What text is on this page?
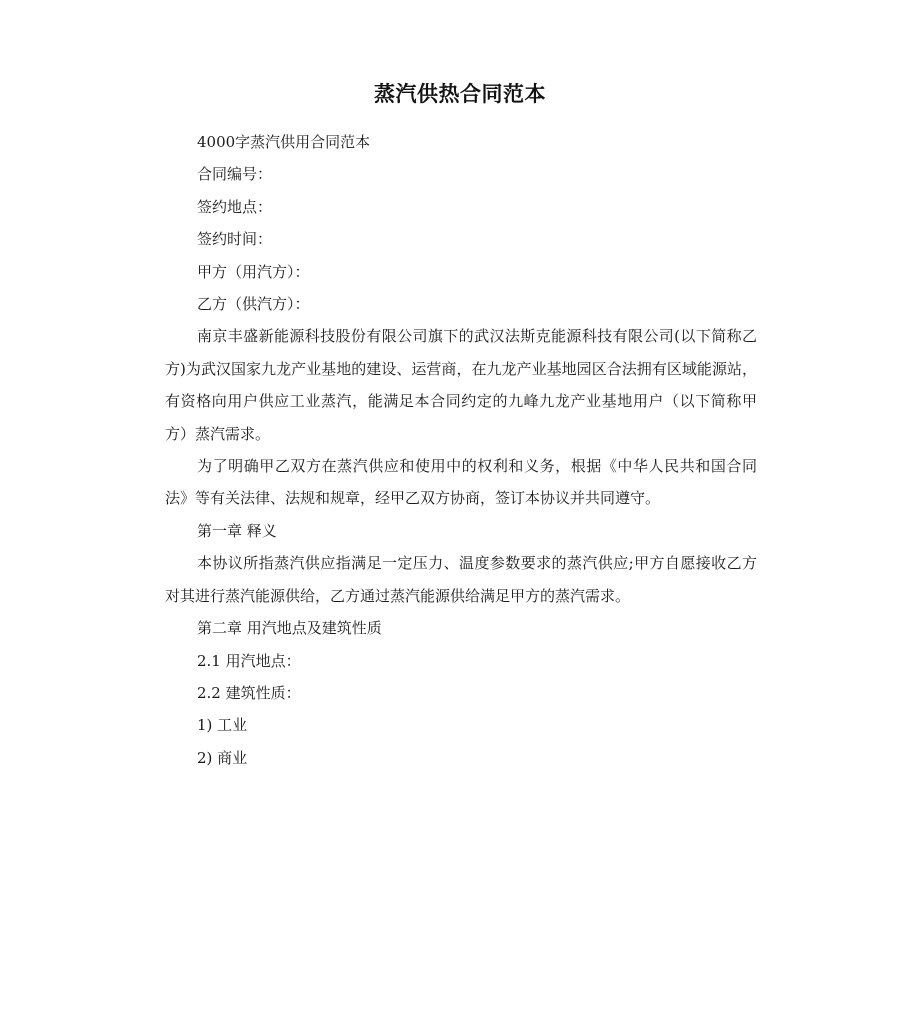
蒸汽供热合同范本

4000字蒸汽供用合同范本

合同编号：

签约地点：

签约时间：

甲方（用汽方）：

乙方（供汽方）：

南京丰盛新能源科技股份有限公司旗下的武汉法斯克能源科技有限公司(以下简称乙方)为武汉国家九龙产业基地的建设、运营商，在九龙产业基地园区合法拥有区域能源站，有资格向用户供应工业蒸汽，能满足本合同约定的九峰九龙产业基地用户（以下简称甲方）蒸汽需求。

为了明确甲乙双方在蒸汽供应和使用中的权利和义务，根据《中华人民共和国合同法》等有关法律、法规和规章，经甲乙双方协商，签订本协议并共同遵守。

第一章 释义

本协议所指蒸汽供应指满足一定压力、温度参数要求的蒸汽供应;甲方自愿接收乙方对其进行蒸汽能源供给，乙方通过蒸汽能源供给满足甲方的蒸汽需求。

第二章 用汽地点及建筑性质

2.1 用汽地点：

2.2 建筑性质：

1) 工业

2) 商业
